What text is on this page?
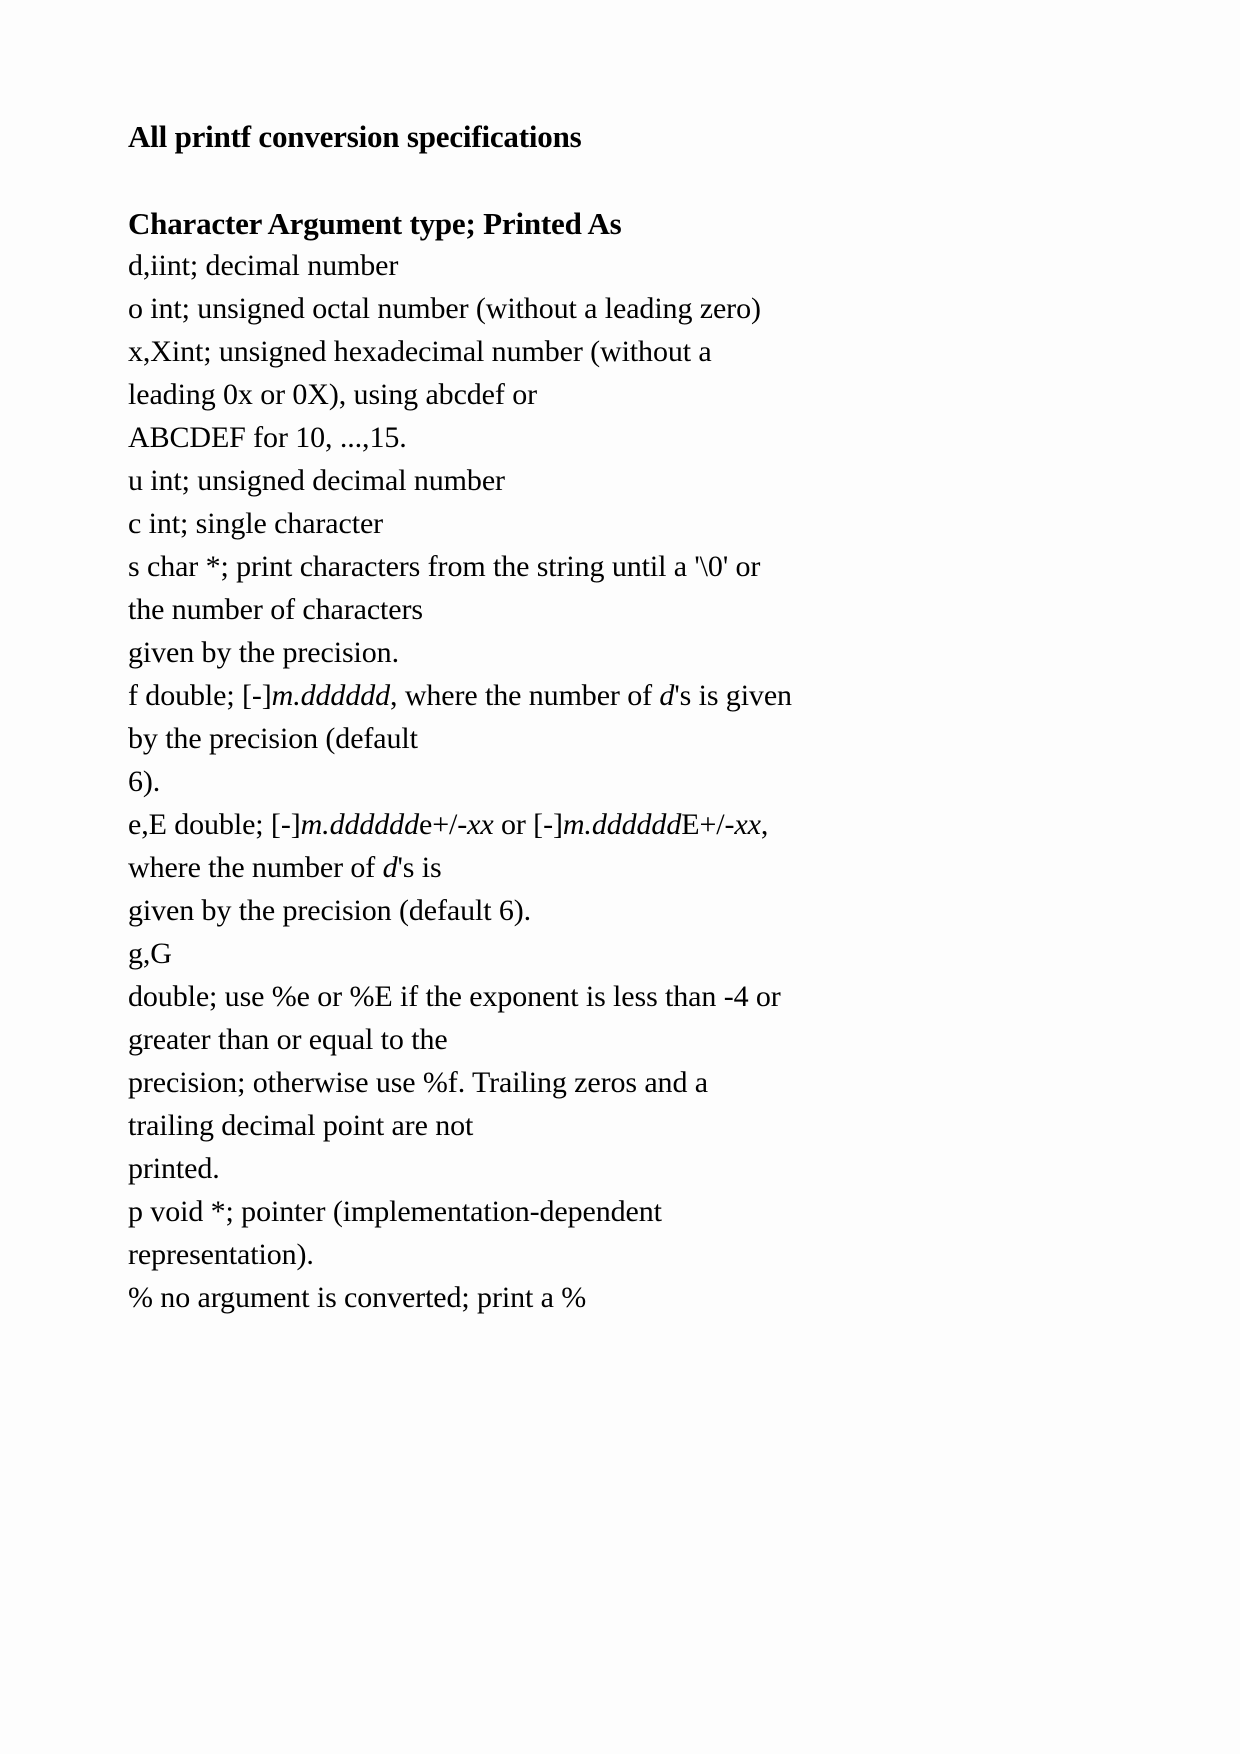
All printf conversion specifications
Character Argument type; Printed As
d,iint; decimal number
o int; unsigned octal number (without a leading zero)
x,Xint; unsigned hexadecimal number (without a
leading 0x or 0X), using abcdef or
ABCDEF for 10, ...,15.
u int; unsigned decimal number
c int; single character
s char *; print characters from the string until a '\0' or
the number of characters
given by the precision.
f double; [-]m.dddddd, where the number of d's is given
by the precision (default
6).
e,E double; [-]m.dddddde+/-xx or [-]m.ddddddE+/-xx,
where the number of d's is
given by the precision (default 6).
g,G
double; use %e or %E if the exponent is less than -4 or
greater than or equal to the
precision; otherwise use %f. Trailing zeros and a
trailing decimal point are not
printed.
p void *; pointer (implementation-dependent
representation).
% no argument is converted; print a %
